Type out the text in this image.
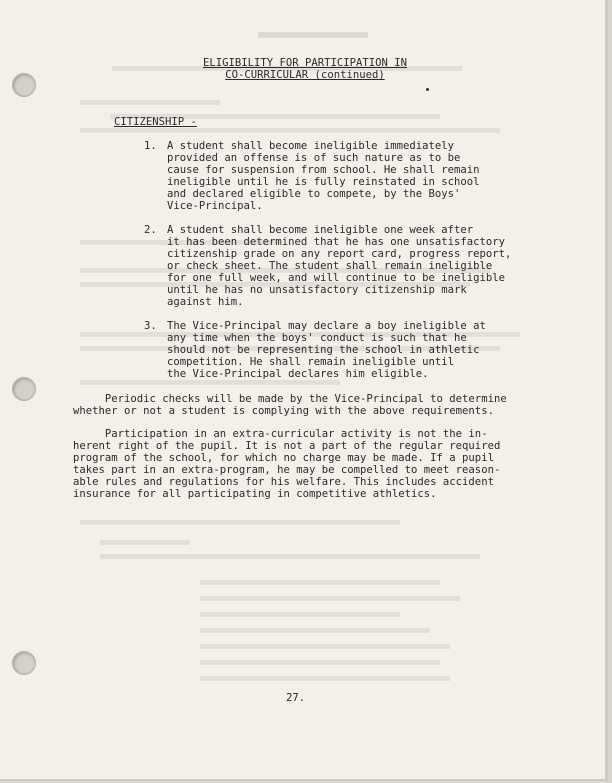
ELIGIBILITY FOR PARTICIPATION IN
CO-CURRICULAR (continued)
CITIZENSHIP -
1. A student shall become ineligible immediately
provided an offense is of such nature as to be
cause for suspension from school. He shall remain
ineligible until he is fully reinstated in school
and declared eligible to compete, by the Boys'
Vice-Principal.
2. A student shall become ineligible one week after
it has been determined that he has one unsatisfactory
citizenship grade on any report card, progress report,
or check sheet. The student shall remain ineligible
for one full week, and will continue to be ineligible
until he has no unsatisfactory citizenship mark
against him.
3. The Vice-Principal may declare a boy ineligible at
any time when the boys' conduct is such that he
should not be representing the school in athletic
competition. He shall remain ineligible until
the Vice-Principal declares him eligible.
Periodic checks will be made by the Vice-Principal to determine
whether or not a student is complying with the above requirements.
Participation in an extra-curricular activity is not the in-
herent right of the pupil. It is not a part of the regular required
program of the school, for which no charge may be made. If a pupil
takes part in an extra-program, he may be compelled to meet reason-
able rules and regulations for his welfare. This includes accident
insurance for all participating in competitive athletics.
27.
